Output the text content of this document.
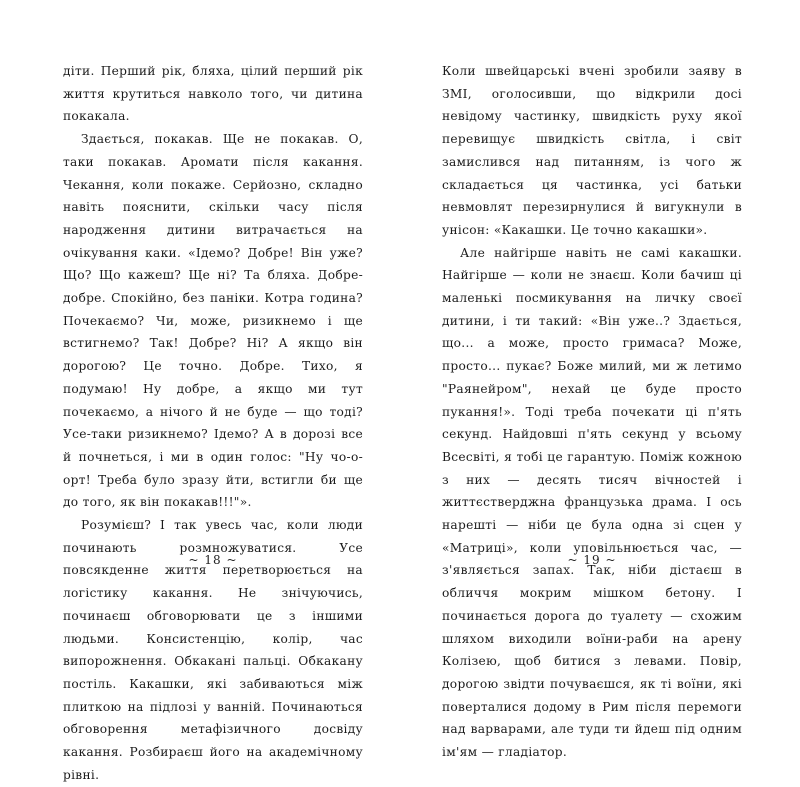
діти. Перший рік, бляха, цілий перший рік життя крутиться навколо того, чи дитина покакала.

Здається, покакав. Ще не покакав. О, таки покакав. Аромати після какання. Чекання, коли покаже. Серйозно, складно навіть пояснити, скільки часу після народження дитини витрачається на очікування каки. «Ідемо? Добре! Він уже? Що? Що кажеш? Ще ні? Та бляха. Добре-добре. Спокійно, без паніки. Котра година? Почекаємо? Чи, може, ризикнемо і ще встигнемо? Так! Добре? Ні? А якщо він дорогою? Це точно. Добре. Тихо, я подумаю! Ну добре, а якщо ми тут почекаємо, а нічого й не буде — що тоді? Усе-таки ризикнемо? Ідемо? А в дорозі все й почнеться, і ми в один голос: "Ну чо-о-орт! Треба було зразу йти, встигли би ще до того, як він покакав!!!"».

Розумієш? І так увесь час, коли люди починають розмножуватися. Усе повсякденне життя перетворюється на логістику какання. Не знічуючись, починаєш обговорювати це з іншими людьми. Консистенцію, колір, час випорожнення. Обкакані пальці. Обкакану постіль. Какашки, які забиваються між плиткою на підлозі у ванній. Починаються обговорення метафізичного досвіду какання. Розбираєш його на академічному рівні.

~ 18 ~

Коли швейцарські вчені зробили заяву в ЗМІ, оголосивши, що відкрили досі невідому частинку, швидкість руху якої перевищує швидкість світла, і світ замислився над питанням, із чого ж складається ця частинка, усі батьки невмовлят перезирнулися й вигукнули в унісон: «Какашки. Це точно какашки».

Але найгірше навіть не самі какашки. Найгірше — коли не знаєш. Коли бачиш ці маленькі посмикування на личку своєї дитини, і ти такий: «Він уже..? Здається, що... а може, просто гримаса? Може, просто... пукає? Боже милий, ми ж летимо "Раянейром", нехай це буде просто пукання!». Тоді треба почекати ці п'ять секунд. Найдовші п'ять секунд у всьому Всесвіті, я тобі це гарантую. Поміж кожною з них — десять тисяч вічностей і життєстверджна французька драма. І ось нарешті — ніби це була одна зі сцен у «Матриці», коли уповільнюється час, — з'являється запах. Так, ніби дістаєш в обличчя мокрим мішком бетону. І починається дорога до туалету — схожим шляхом виходили воїни-раби на арену Колізею, щоб битися з левами. Повір, дорогою звідти почуваєшся, як ті воїни, які поверталися додому в Рим після перемоги над варварами, але туди ти йдеш під одним ім'ям — гладіатор.

~ 19 ~
